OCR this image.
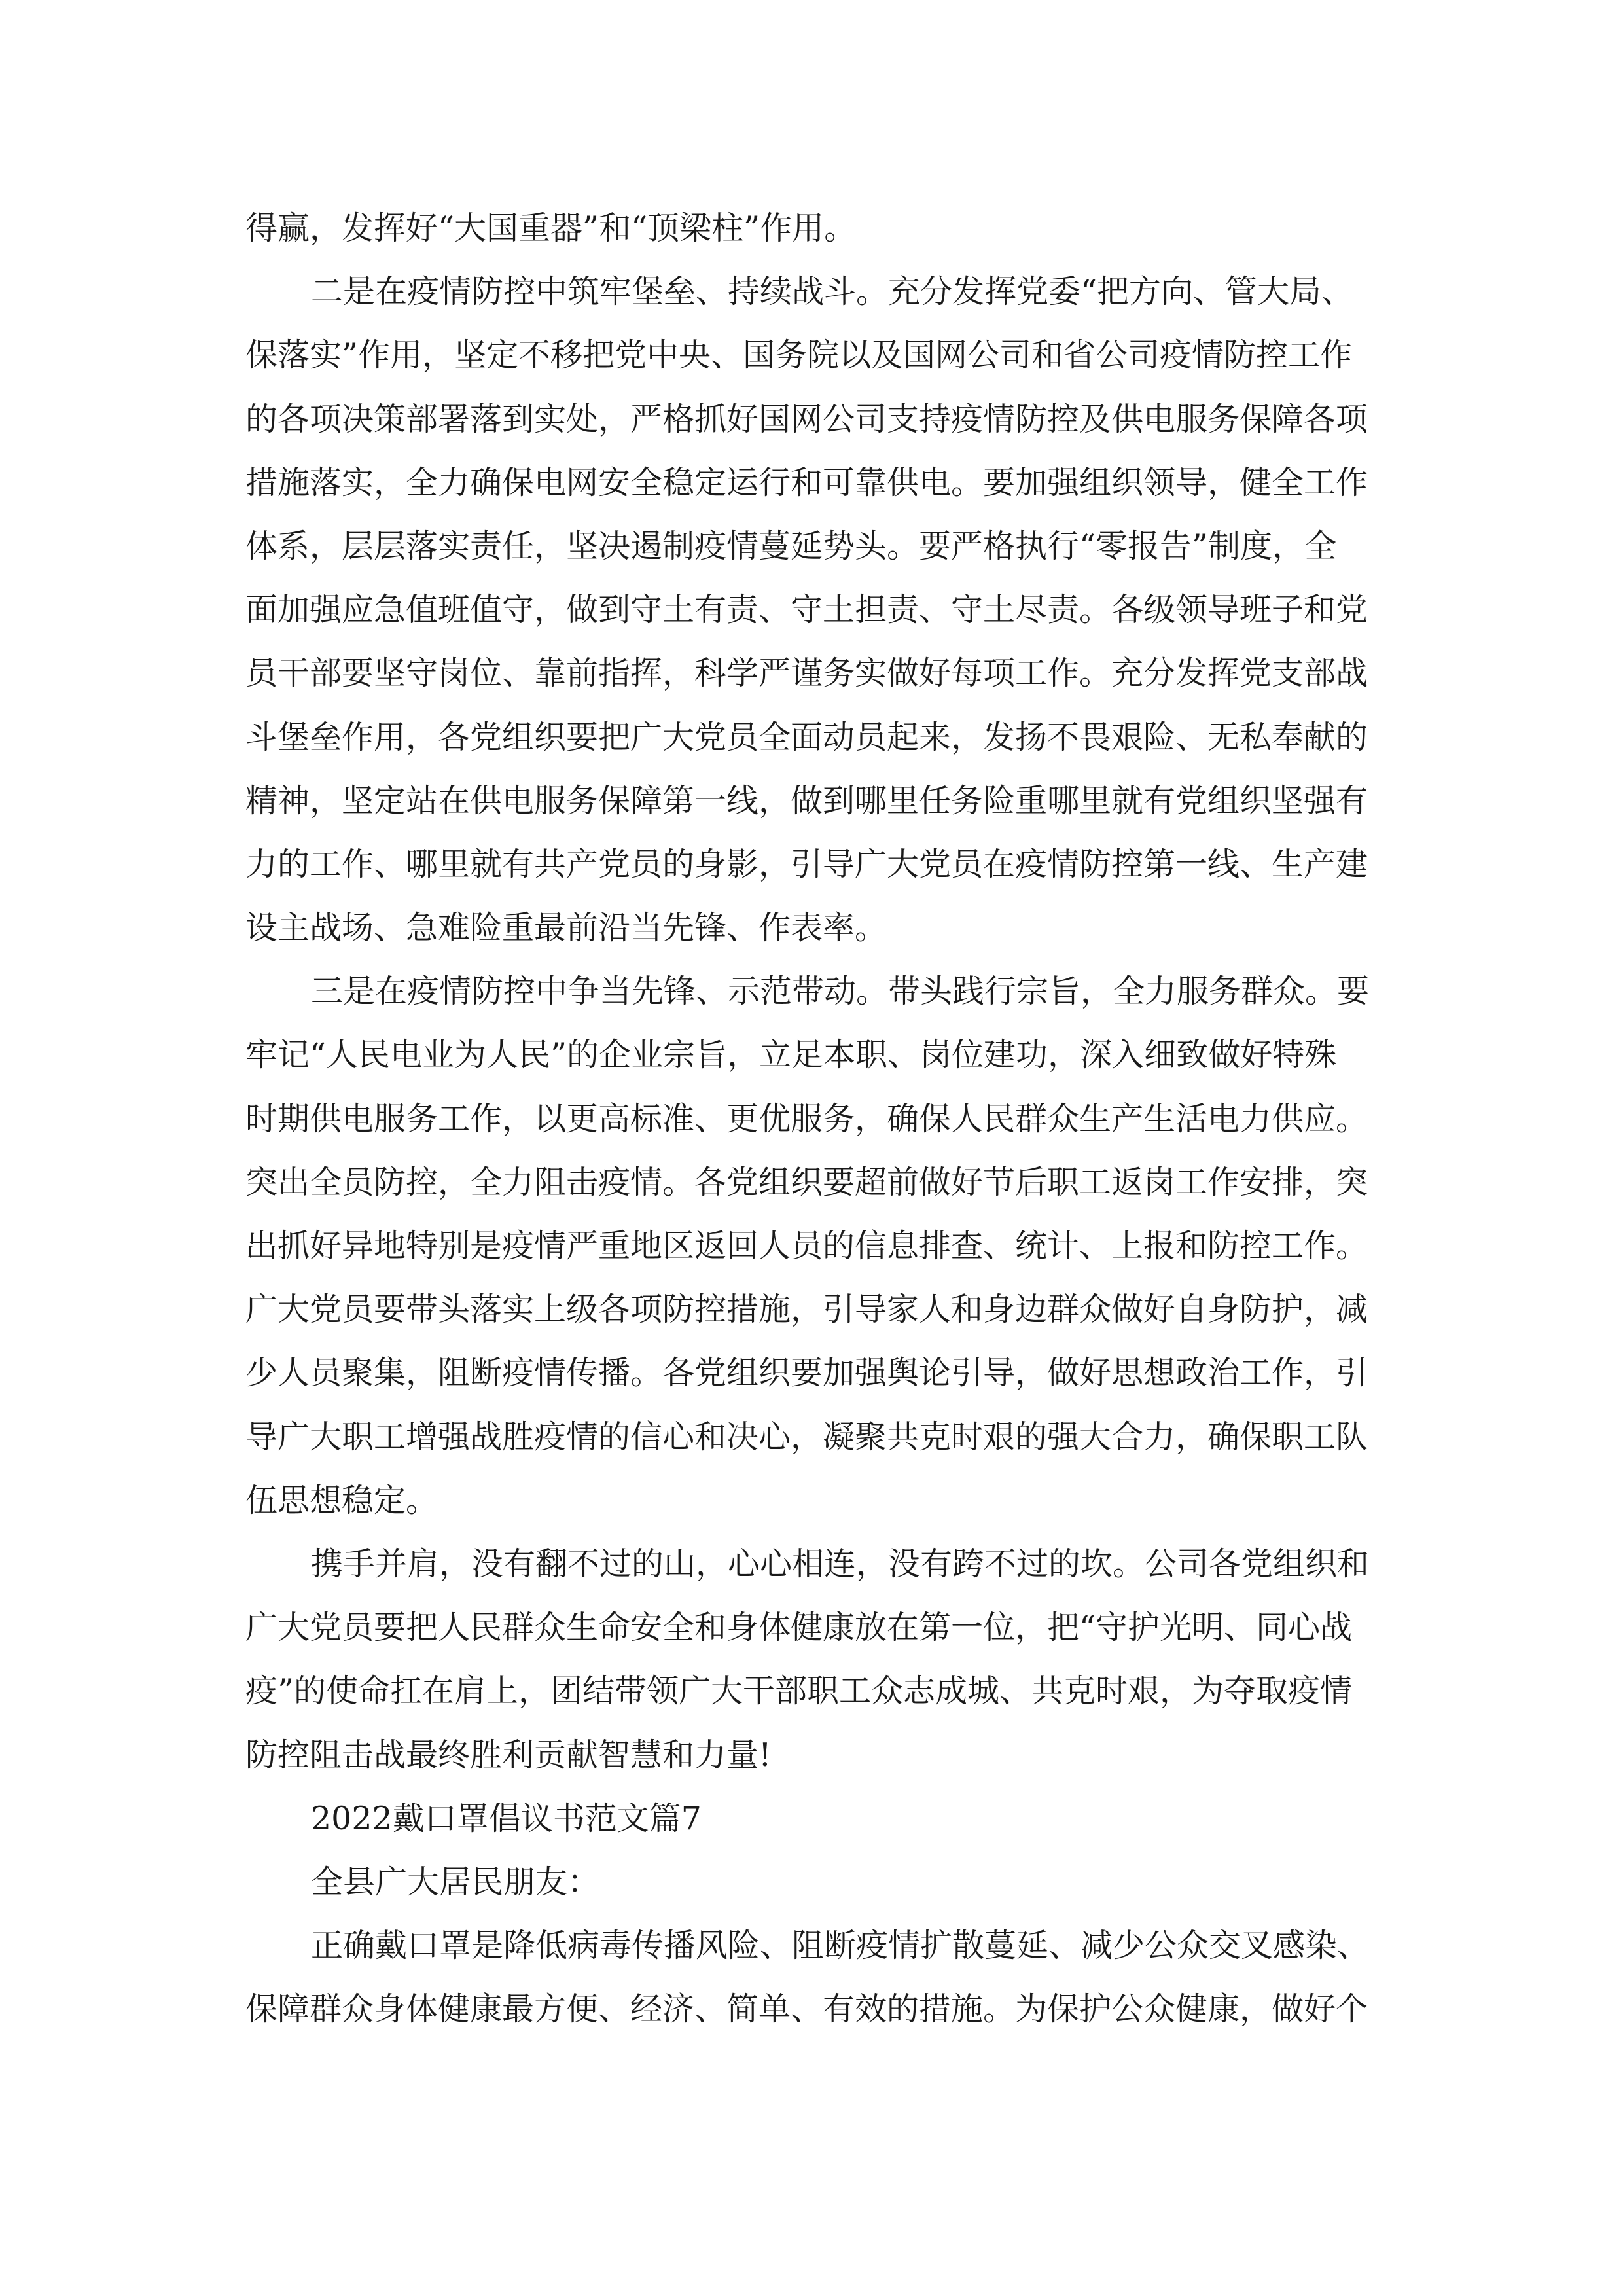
得赢，发挥好“大国重器”和“顶梁柱”作用。
二是在疫情防控中筑牢堡垒、持续战斗。充分发挥党委“把方向、管大局、
保落实”作用，坚定不移把党中央、国务院以及国网公司和省公司疫情防控工作
的各项决策部署落到实处，严格抓好国网公司支持疫情防控及供电服务保障各项
措施落实，全力确保电网安全稳定运行和可靠供电。要加强组织领导，健全工作
体系，层层落实责任，坚决遏制疫情蔓延势头。要严格执行“零报告”制度，全
面加强应急值班值守，做到守土有责、守土担责、守土尽责。各级领导班子和党
员干部要坚守岗位、靠前指挥，科学严谨务实做好每项工作。充分发挥党支部战
斗堡垒作用，各党组织要把广大党员全面动员起来，发扬不畏艰险、无私奉献的
精神，坚定站在供电服务保障第一线，做到哪里任务险重哪里就有党组织坚强有
力的工作、哪里就有共产党员的身影，引导广大党员在疫情防控第一线、生产建
设主战场、急难险重最前沿当先锋、作表率。
三是在疫情防控中争当先锋、示范带动。带头践行宗旨，全力服务群众。要
牢记“人民电业为人民”的企业宗旨，立足本职、岗位建功，深入细致做好特殊
时期供电服务工作，以更高标准、更优服务，确保人民群众生产生活电力供应。
突出全员防控，全力阻击疫情。各党组织要超前做好节后职工返岗工作安排，突
出抓好异地特别是疫情严重地区返回人员的信息排查、统计、上报和防控工作。
广大党员要带头落实上级各项防控措施，引导家人和身边群众做好自身防护，减
少人员聚集，阻断疫情传播。各党组织要加强舆论引导，做好思想政治工作，引
导广大职工增强战胜疫情的信心和决心，凝聚共克时艰的强大合力，确保职工队
伍思想稳定。
携手并肩，没有翻不过的山，心心相连，没有跨不过的坎。公司各党组织和
广大党员要把人民群众生命安全和身体健康放在第一位，把“守护光明、同心战
疫”的使命扛在肩上，团结带领广大干部职工众志成城、共克时艰，为夺取疫情
防控阻击战最终胜利贡献智慧和力量!
2022戴口罩倡议书范文篇7
全县广大居民朋友：
正确戴口罩是降低病毒传播风险、阻断疫情扩散蔓延、减少公众交叉感染、
保障群众身体健康最方便、经济、简单、有效的措施。为保护公众健康，做好个
